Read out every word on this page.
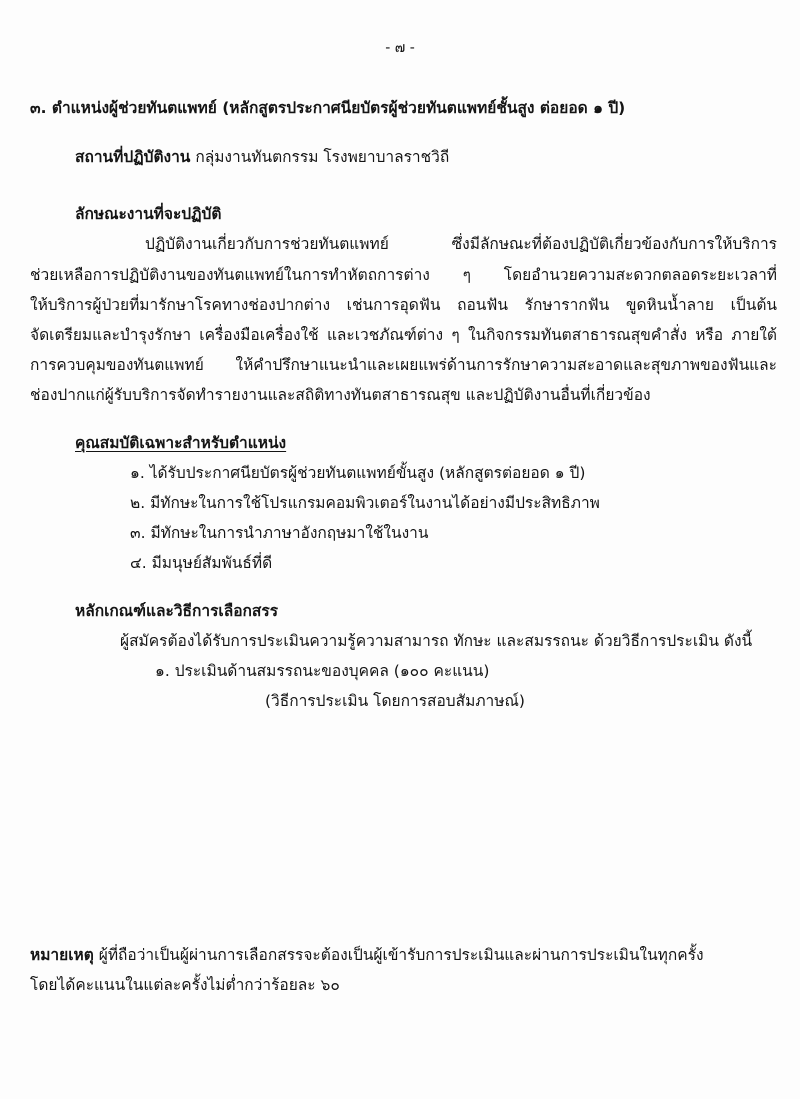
- ๗ -
๓. ตำแหน่งผู้ช่วยทันตแพทย์ (หลักสูตรประกาศนียบัตรผู้ช่วยทันตแพทย์ชั้นสูง ต่อยอด ๑ ปี)
สถานที่ปฏิบัติงาน กลุ่มงานทันตกรรม โรงพยาบาลราชวิถี
ลักษณะงานที่จะปฏิบัติ
ปฏิบัติงานเกี่ยวกับการช่วยทันตแพทย์ ซึ่งมีลักษณะที่ต้องปฏิบัติเกี่ยวข้องกับการให้บริการ
ช่วยเหลือการปฏิบัติงานของทันตแพทย์ในการทำหัตถการต่าง ๆ โดยอำนวยความสะดวกตลอดระยะเวลาที่
ให้บริการผู้ป่วยที่มารักษาโรคทางช่องปากต่าง เช่นการอุดฟัน ถอนฟัน รักษารากฟัน ขูดหินน้ำลาย เป็นต้น
จัดเตรียมและบำรุงรักษา เครื่องมือเครื่องใช้ และเวชภัณฑ์ต่าง ๆ ในกิจกรรมทันตสาธารณสุขคำสั่ง หรือ ภายใต้
การควบคุมของทันตแพทย์ ให้คำปรึกษาแนะนำและเผยแพร่ด้านการรักษาความสะอาดและสุขภาพของฟันและ
ช่องปากแก่ผู้รับบริการจัดทำรายงานและสถิติทางทันตสาธารณสุข และปฏิบัติงานอื่นที่เกี่ยวข้อง
คุณสมบัติเฉพาะสำหรับตำแหน่ง
๑. ได้รับประกาศนียบัตรผู้ช่วยทันตแพทย์ขั้นสูง (หลักสูตรต่อยอด ๑ ปี)
๒. มีทักษะในการใช้โปรแกรมคอมพิวเตอร์ในงานได้อย่างมีประสิทธิภาพ
๓. มีทักษะในการนำภาษาอังกฤษมาใช้ในงาน
๔. มีมนุษย์สัมพันธ์ที่ดี
หลักเกณฑ์และวิธีการเลือกสรร
ผู้สมัครต้องได้รับการประเมินความรู้ความสามารถ ทักษะ และสมรรถนะ ด้วยวิธีการประเมิน ดังนี้
๑. ประเมินด้านสมรรถนะของบุคคล (๑๐๐ คะแนน)
(วิธีการประเมิน โดยการสอบสัมภาษณ์)
หมายเหตุ ผู้ที่ถือว่าเป็นผู้ผ่านการเลือกสรรจะต้องเป็นผู้เข้ารับการประเมินและผ่านการประเมินในทุกครั้ง
โดยได้คะแนนในแต่ละครั้งไม่ต่ำกว่าร้อยละ ๖๐
